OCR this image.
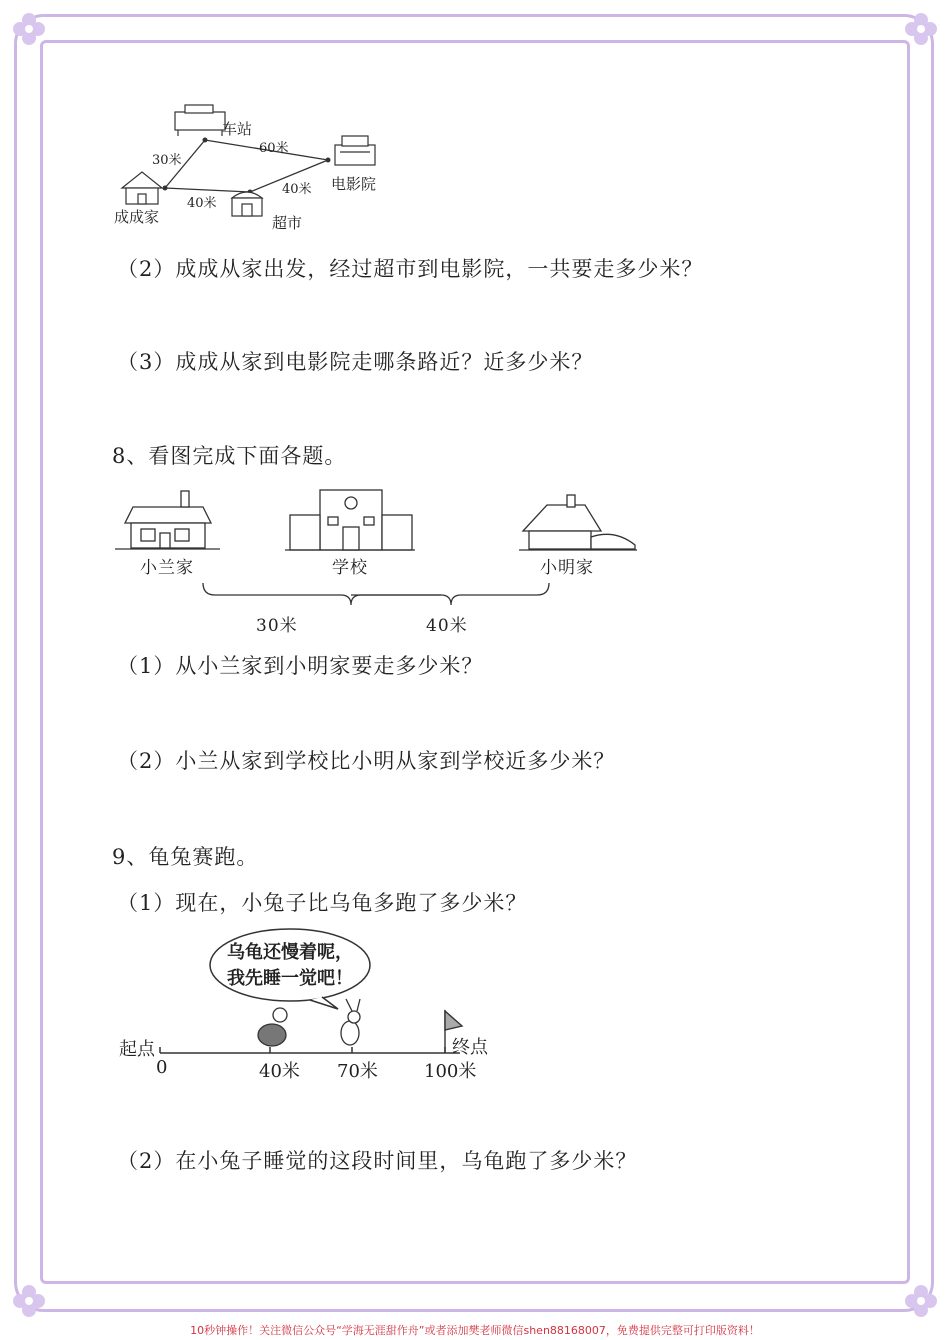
车站
电影院
成成家	超市
30米
60米
40米
40米
（2）成成从家出发，经过超市到电影院，一共要走多少米？
（3）成成从家到电影院走哪条路近？近多少米？
8、看图完成下面各题。
小兰家	学校	小明家
30米	40米
（1）从小兰家到小明家要走多少米？
（2）小兰从家到学校比小明从家到学校近多少米？
9、龟兔赛跑。
（1）现在，小兔子比乌龟多跑了多少米？
乌龟还慢着呢，
我先睡一觉吧！
起点	终点
0	40米 70米	100米
（2）在小兔子睡觉的这段时间里，乌龟跑了多少米？
10秒钟操作！关注微信公众号“学海无涯甜作舟”或者添加樊老师微信shen88168007，免费提供完整可打印版资料！
